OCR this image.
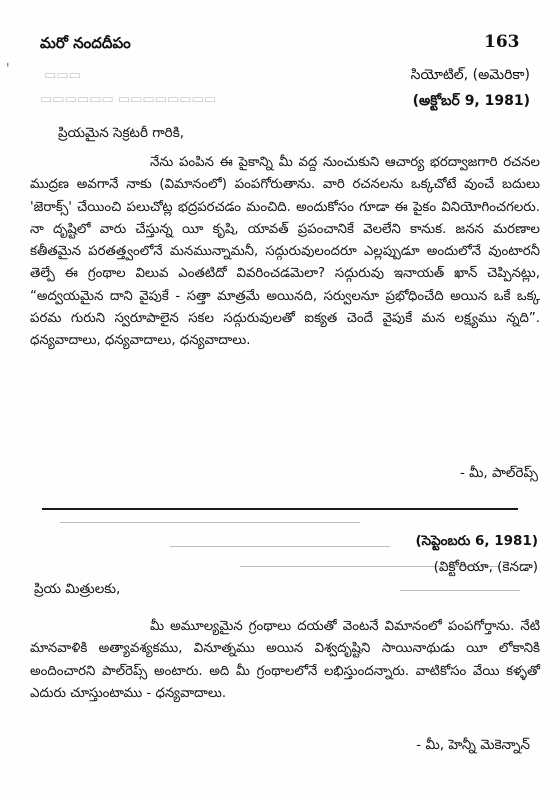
మరో నందదీపం	163
▭▭▭
▭▭▭▭▭▭ ▭▭▭▭▭▭▭▭
ˈ	సియోటిల్, (అమెరికా)
(అక్టోబర్ 9, 1981)
ప్రియమైన సెక్రటరీ గారికి,
నేను పంపిన ఈ పైకాన్ని మీ వద్ద నుంచుకుని ఆచార్య భరద్వాజగారి రచనల ముద్రణ అవగానే నాకు (విమానంలో) పంపగోరుతాను. వారి రచనలను ఒక్కచోటే వుంచే బదులు 'జెరాక్స్' చేయించి పలుచోట్ల భద్రపరచడం మంచిది. అందుకోసం గూడా ఈ పైకం వినియోగించగలరు. నా దృష్టిలో వారు చేస్తున్న యీ కృషి, యావత్ ప్రపంచానికే వెలలేని కానుక. జనన మరణాల కతీతమైన పరతత్త్వంలోనే మనమున్నామనీ, సద్గురువులందరూ ఎల్లప్పుడూ అందులోనే వుంటారనీ తెల్పే ఈ గ్రంథాల విలువ ఎంతటిదో వివరించడమెలా? సద్గురువు ఇనాయత్ ఖాన్ చెప్పినట్లు, “అద్వయమైన దాని వైపుకే - సత్తా మాత్రమే అయినది, సర్వులనూ ప్రభోధించేది అయిన ఒకే ఒక్క పరమ గురుని స్వరూపాలైన సకల సద్గురువులతో ఐక్యత చెందే వైపుకే మన లక్ష్యము న్నది”. ధన్యవాదాలు, ధన్యవాదాలు, ధన్యవాదాలు.
- మీ, పాల్‌రెప్స్
(సెప్టెంబరు 6, 1981)
(విక్టోరియా, (కెనడా)
ప్రియ మిత్రులకు,
మీ అమూల్యమైన గ్రంథాలు దయతో వెంటనే విమానంలో పంపగోర్తాను. నేటి మానవాళికి అత్యావశ్యకము, వినూత్నము అయిన విశ్వదృష్టిని సాయినాథుడు యీ లోకానికి అందించారని పాల్‌రెప్స్ అంటారు. అది మీ గ్రంథాలలోనే లభిస్తుందన్నారు. వాటికోసం వేయి కళ్ళతో ఎదురు చూస్తుంటాము - ధన్యవాదాలు.
- మీ, హెన్నీ మెకెన్నాన్
